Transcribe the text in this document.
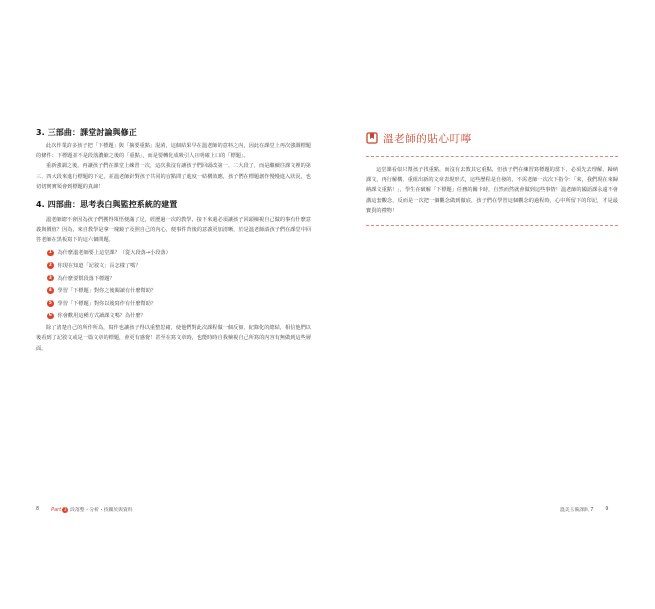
3. 三部曲：課堂討論與修正

此次作業許多孩子把「下標題」與「摘要重點」混淆，這個結果早在溫老師的意料之內，因此在課堂上再次強調標題的條件：下標題並不是段落濃縮之後的「重點」，而是要轉化成吸引人且明確上口的「標題」。

重新強調之後，再讓孩子們在課堂上練習一次，這次我沒有讓孩子們回頭改第一、二大段了，而是繼續往課文裡的第三、四大段來進行標題的下定，並溫老師針對孩子共同的盲點問了進度一結構效應，孩子們在標題創作慢慢進入狀況，也切切實實領會到標題的真諦！

4. 四部曲：思考表白與監控系統的建置

溫老師總不會因為孩子們獲得領悟便滿了足，經歷過一次的教學，接下來還必須讓孩子回頭檢視自己做的事有什麼意義與價值？因為，來自教學是拿一塊鏡子及照自己的內心，便事件背後的意義更加清晰，於是溫老師請孩子們在課堂中回答老師在黑板寫下的這六個問題。

1	為什麼溫老師要上這堂課？（從大段落→小段落）
2	你現在知道「記敘文」長怎樣了嗎？
3	為什麼要幫段落下標題？
4	學習「下標題」對你之後閱讀有什麼幫助？
5	學習「下標題」對你以後寫作有什麼幫助？
6	你會歡用這種方式讀課文嗎？為什麼？

除了清楚自己的所作所為，寫作也讓孩子得以重整思緒，使他們對此次課程做一個反芻、紀錄化的總結，相信他們以後看到了記敘文或是一篇文章的標題，會更有感覺！甚至在寫文章時，也能時時自我檢視自己所寫的內容有無做到這些層面。

8 Part 3 段落整・分析・找關於與資料
溫老師的貼心叮嚀

這堂課看似只幫孩子找重點，而沒有去教其它重點，但孩子們在練習寫標題的當下，必須先去理解、歸納課文，再行解構、重組出新的文章表現形式，這些歷程是自發的，不需老師一次次下指令：「來，我們現在來歸納課文重點！」，學生在破解「下標題」任務的關卡時，自然而然就會做到這些事情！溫老師的國語課永遠不會講這套觀念，反而是一次把一個觀念做到徹底，孩子們在學習這個觀念的過程時，心中所留下的印記，才是最寶貴的禮物！

溫美玉備課趴 7	9
